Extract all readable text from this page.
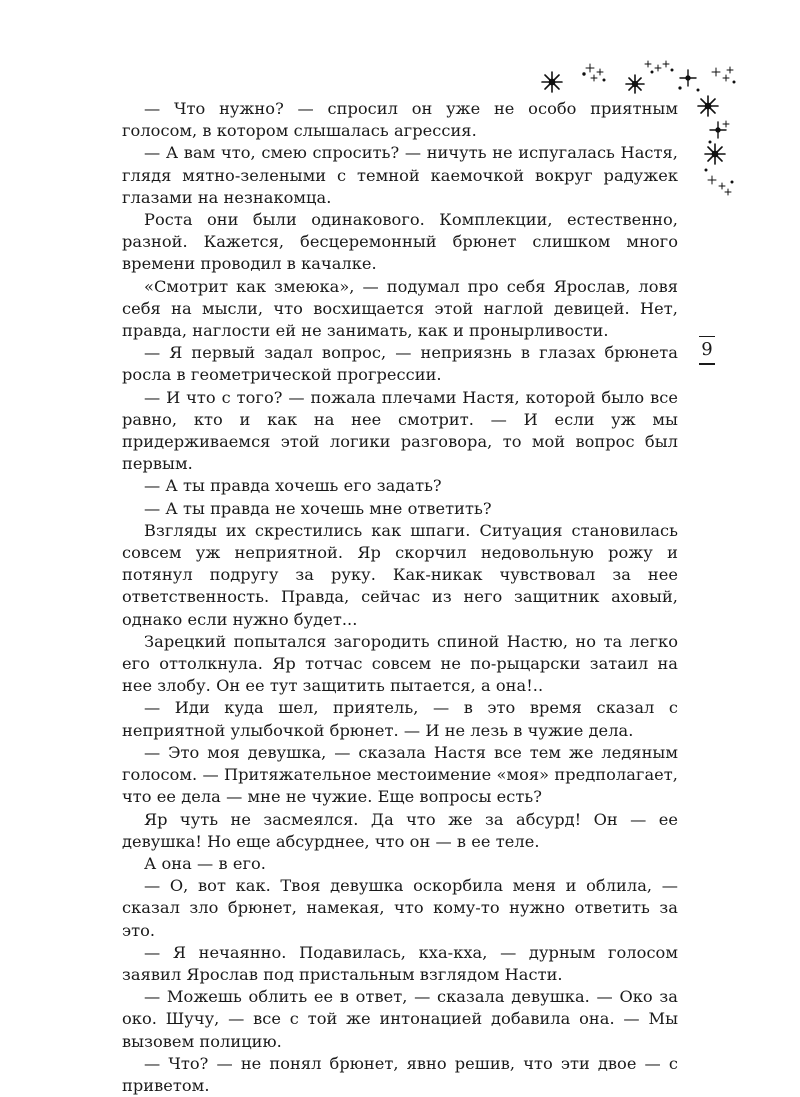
— Что нужно? — спросил он уже не особо приятным голосом, в котором слышалась агрессия.

— А вам что, смею спросить? — ничуть не испугалась Настя, глядя мятно-зелеными с темной каемочкой вокруг радужек глазами на незнакомца.

Роста они были одинакового. Комплекции, естественно, разной. Кажется, бесцеремонный брюнет слишком много времени проводил в качалке.

«Смотрит как змеюка», — подумал про себя Ярослав, ловя себя на мысли, что восхищается этой наглой девицей. Нет, правда, наглости ей не занимать, как и пронырливости.

— Я первый задал вопрос, — неприязнь в глазах брюнета росла в геометрической прогрессии.

— И что с того? — пожала плечами Настя, которой было все равно, кто и как на нее смотрит. — И если уж мы придерживаемся этой логики разговора, то мой вопрос был первым.

— А ты правда хочешь его задать?

— А ты правда не хочешь мне ответить?

Взгляды их скрестились как шпаги. Ситуация становилась совсем уж неприятной. Яр скорчил недовольную рожу и потянул подругу за руку. Как-никак чувствовал за нее ответственность. Правда, сейчас из него защитник аховый, однако если нужно будет...

Зарецкий попытался загородить спиной Настю, но та легко его оттолкнула. Яр тотчас совсем не по-рыцарски затаил на нее злобу. Он ее тут защитить пытается, а она!..

— Иди куда шел, приятель, — в это время сказал с неприятной улыбочкой брюнет. — И не лезь в чужие дела.

— Это моя девушка, — сказала Настя все тем же ледяным голосом. — Притяжательное местоимение «моя» предполагает, что ее дела — мне не чужие. Еще вопросы есть?

Яр чуть не засмеялся. Да что же за абсурд! Он — ее девушка! Но еще абсурднее, что он — в ее теле.

А она — в его.

— О, вот как. Твоя девушка оскорбила меня и облила, — сказал зло брюнет, намекая, что кому-то нужно ответить за это.

— Я нечаянно. Подавилась, кха-кха, — дурным голосом заявил Ярослав под пристальным взглядом Насти.

— Можешь облить ее в ответ, — сказала девушка. — Око за око. Шучу, — все с той же интонацией добавила она. — Мы вызовем полицию.

— Что? — не понял брюнет, явно решив, что эти двое — с приветом.

9
